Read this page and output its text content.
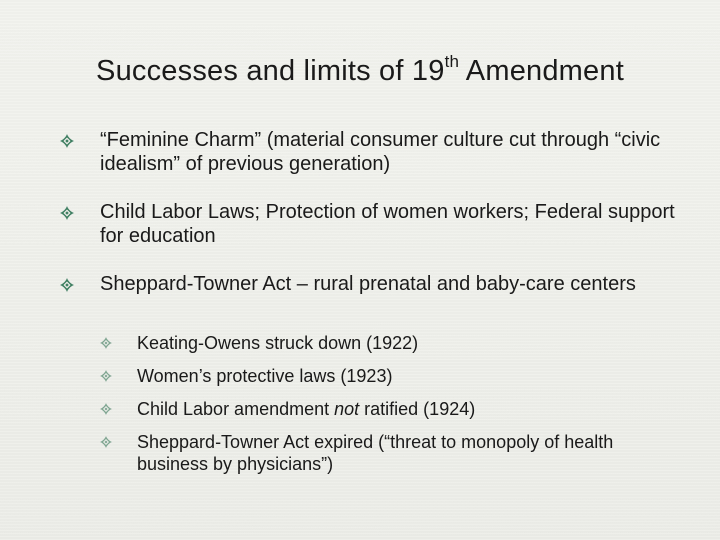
Successes and limits of 19th Amendment
“Feminine Charm” (material consumer culture cut through “civic idealism” of previous generation)
Child Labor Laws; Protection of women workers; Federal support for education
Sheppard-Towner Act – rural prenatal and baby-care centers
Keating-Owens struck down (1922)
Women’s protective laws (1923)
Child Labor amendment not ratified (1924)
Sheppard-Towner Act expired (“threat to monopoly of health business by physicians”)
